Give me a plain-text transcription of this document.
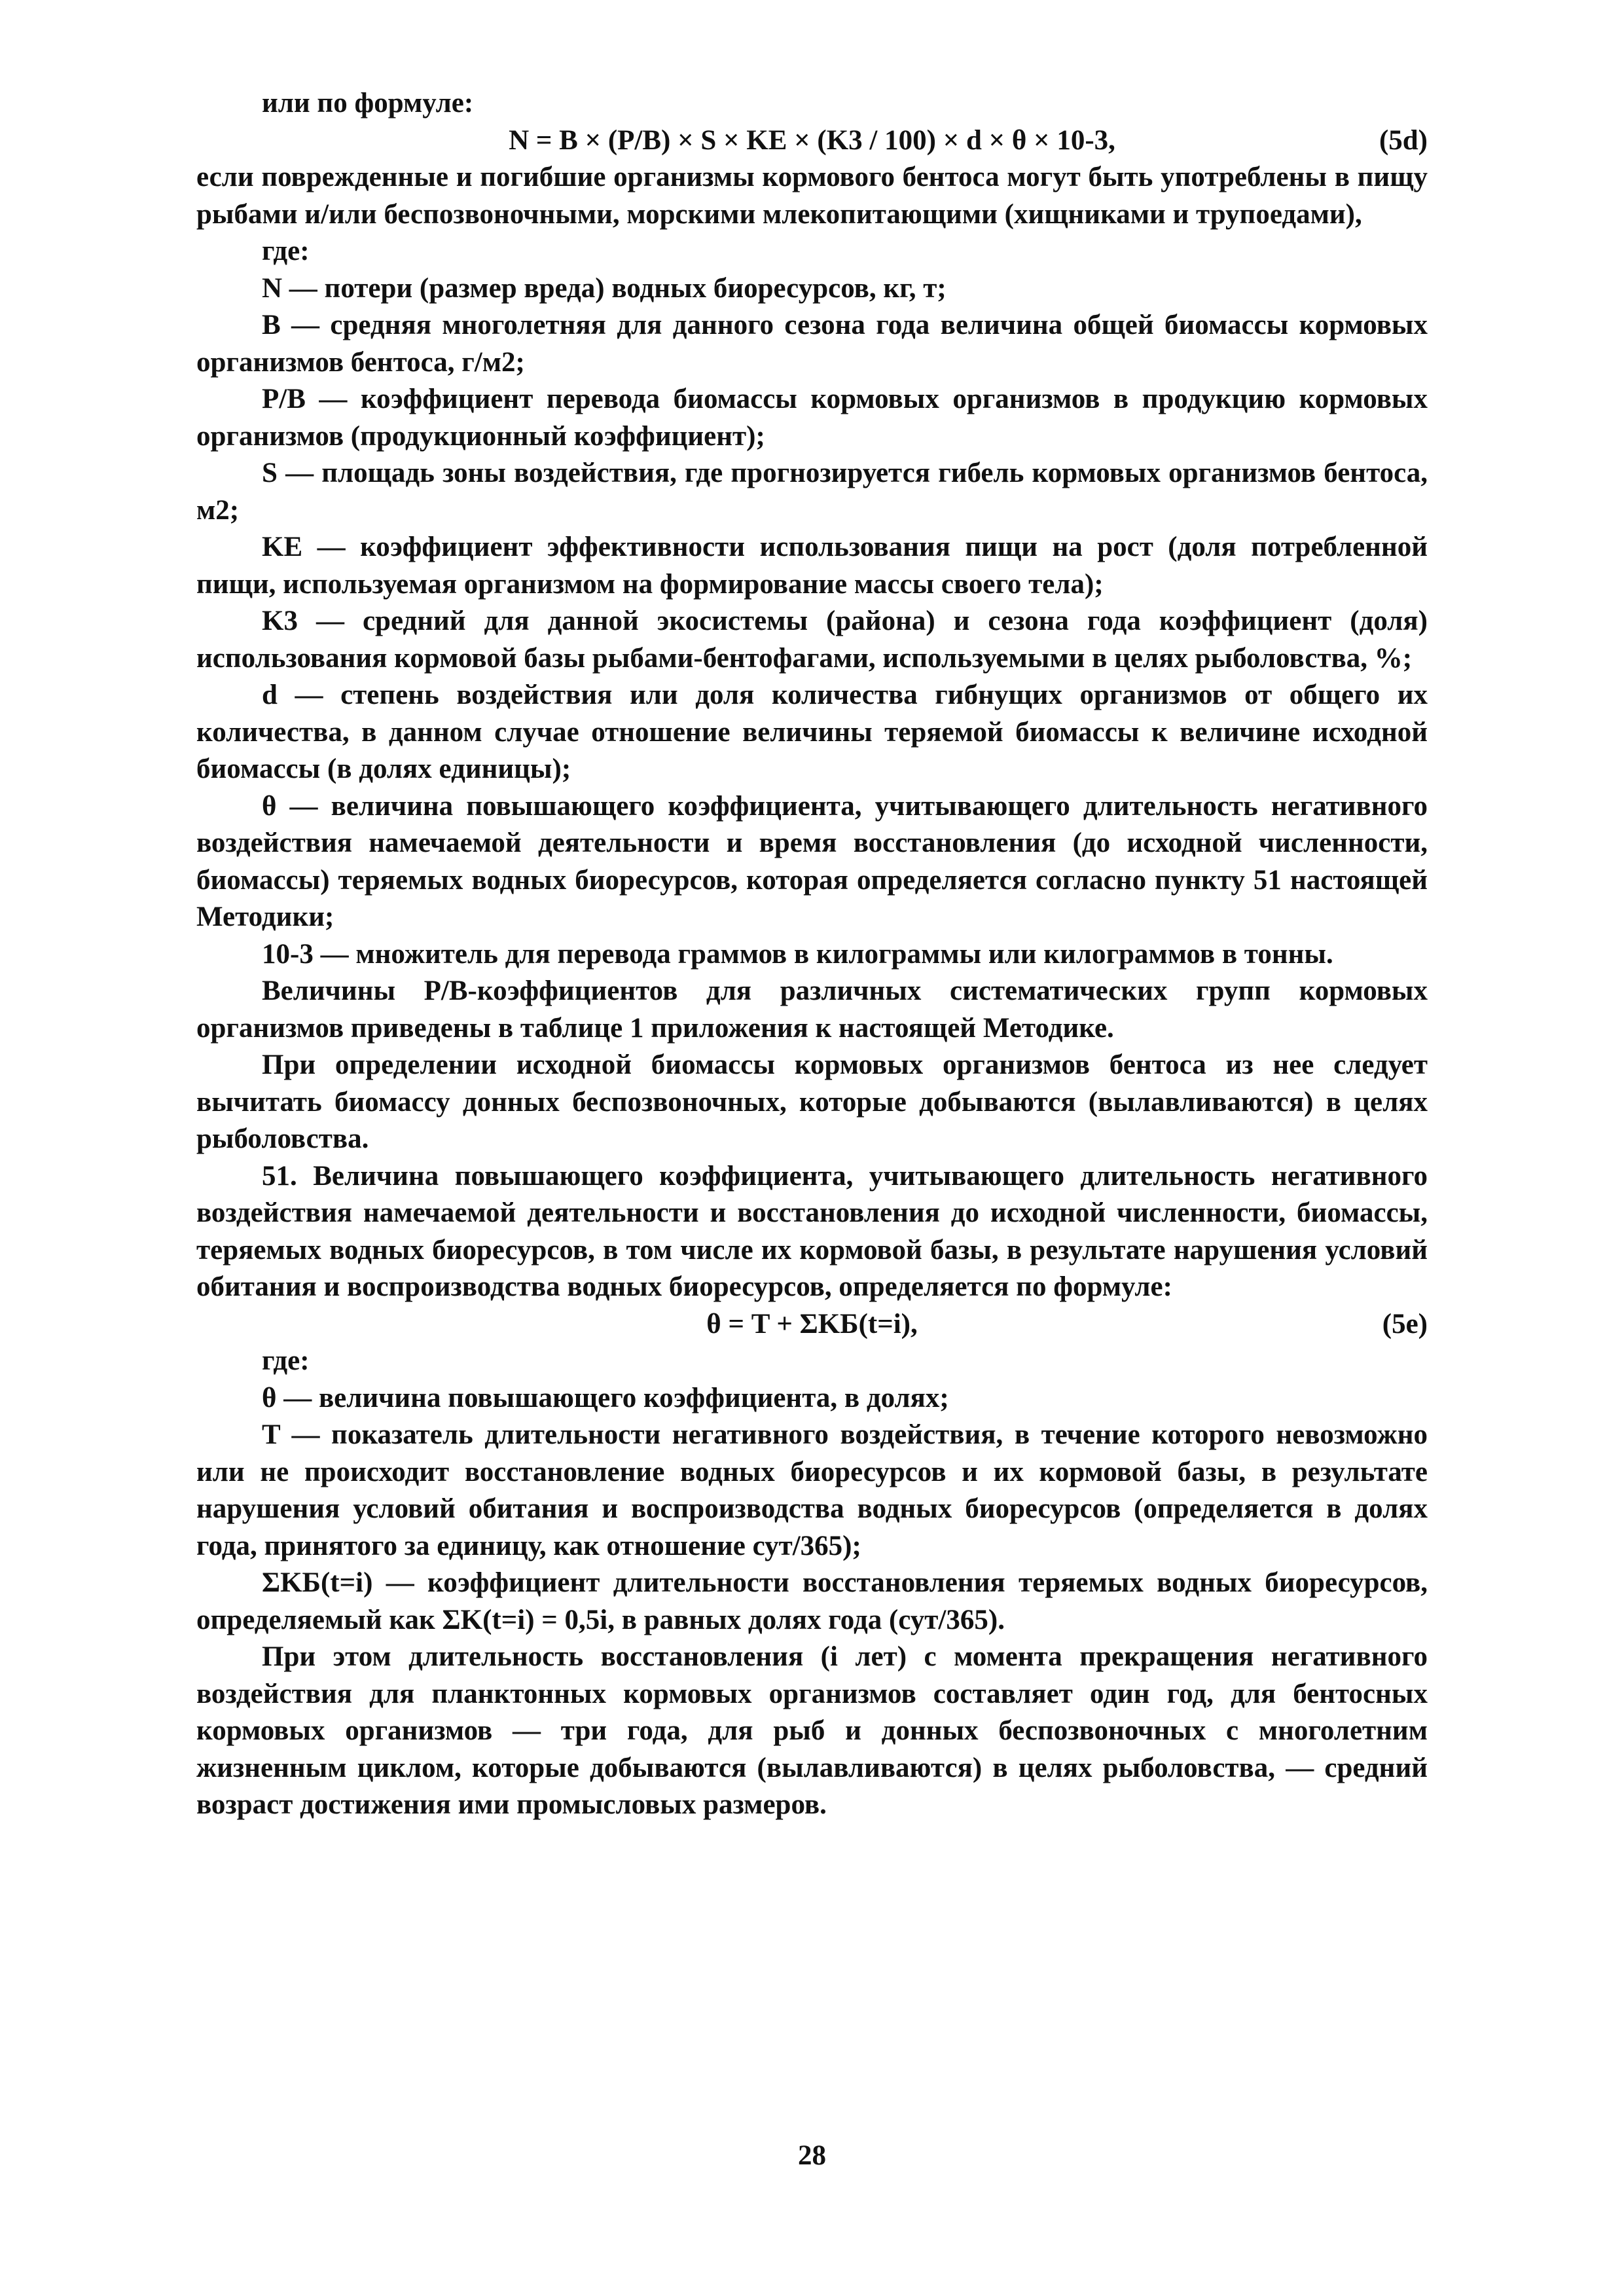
или по формуле:

N = B × (P/B) × S × KE × (K3 / 100) × d × θ × 10-3,	(5d)

если поврежденные и погибшие организмы кормового бентоса могут быть употреблены в пищу рыбами и/или беспозвоночными, морскими млекопитающими (хищниками и трупоедами),

где:

N — потери (размер вреда) водных биоресурсов, кг, т;

B — средняя многолетняя для данного сезона года величина общей биомассы кормовых организмов бентоса, г/м2;

P/B — коэффициент перевода биомассы кормовых организмов в продукцию кормовых организмов (продукционный коэффициент);

S — площадь зоны воздействия, где прогнозируется гибель кормовых организмов бентоса, м2;

KE — коэффициент эффективности использования пищи на рост (доля потребленной пищи, используемая организмом на формирование массы своего тела);

K3 — средний для данной экосистемы (района) и сезона года коэффициент (доля) использования кормовой базы рыбами-бентофагами, используемыми в целях рыболовства, %;

d — степень воздействия или доля количества гибнущих организмов от общего их количества, в данном случае отношение величины теряемой биомассы к величине исходной биомассы (в долях единицы);

θ — величина повышающего коэффициента, учитывающего длительность негативного воздействия намечаемой деятельности и время восстановления (до исходной численности, биомассы) теряемых водных биоресурсов, которая определяется согласно пункту 51 настоящей Методики;

10-3 — множитель для перевода граммов в килограммы или килограммов в тонны.

Величины P/B-коэффициентов для различных систематических групп кормовых организмов приведены в таблице 1 приложения к настоящей Методике.

При определении исходной биомассы кормовых организмов бентоса из нее следует вычитать биомассу донных беспозвоночных, которые добываются (вылавливаются) в целях рыболовства.

51. Величина повышающего коэффициента, учитывающего длительность негативного воздействия намечаемой деятельности и восстановления до исходной численности, биомассы, теряемых водных биоресурсов, в том числе их кормовой базы, в результате нарушения условий обитания и воспроизводства водных биоресурсов, определяется по формуле:

θ = T + ΣKБ(t=i),	(5e)

где:

θ — величина повышающего коэффициента, в долях;

T — показатель длительности негативного воздействия, в течение которого невозможно или не происходит восстановление водных биоресурсов и их кормовой базы, в результате нарушения условий обитания и воспроизводства водных биоресурсов (определяется в долях года, принятого за единицу, как отношение сут/365);

ΣKБ(t=i) — коэффициент длительности восстановления теряемых водных биоресурсов, определяемый как ΣK(t=i) = 0,5i, в равных долях года (сут/365).

При этом длительность восстановления (i лет) с момента прекращения негативного воздействия для планктонных кормовых организмов составляет один год, для бентосных кормовых организмов — три года, для рыб и донных беспозвоночных с многолетним жизненным циклом, которые добываются (вылавливаются) в целях рыболовства, — средний возраст достижения ими промысловых размеров.

28
